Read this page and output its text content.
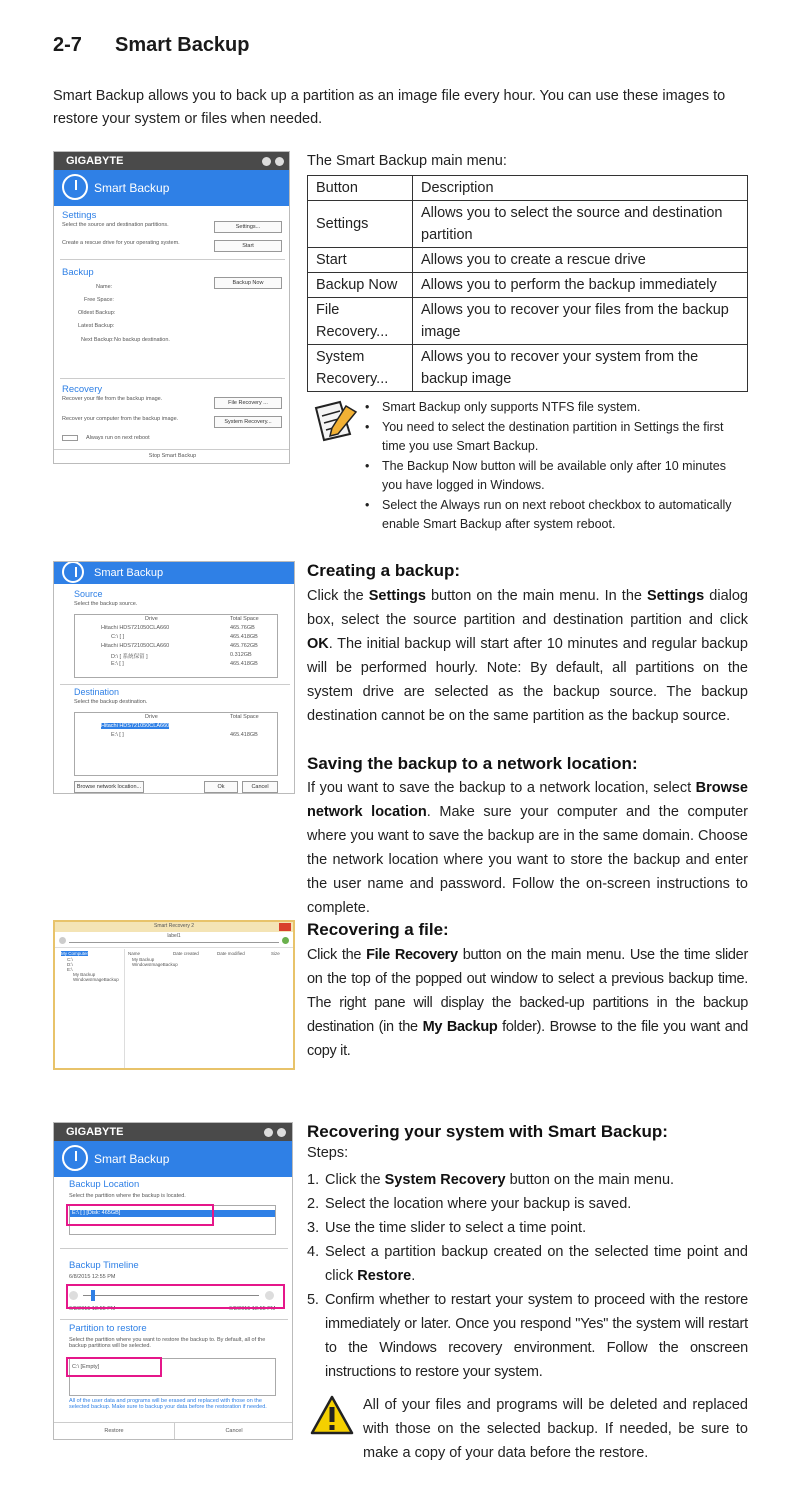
2-7 Smart Backup
Smart Backup allows you to back up a partition as an image file every hour. You can use these images to restore your system or files when needed.
GIGABYTE
Smart Backup
Settings
Select the source and destination partitions.	Settings...
Create a rescue drive for your operating system.	Start
Backup
Backup Now
Name:
Free Space:
Oldest Backup:
Latest Backup:
Next Backup: No backup destination.
Recovery
Recover your file from the backup image.
File Recovery ...
Recover your computer from the backup image.	System Recovery...
Always run on next reboot
Stop Smart Backup
The Smart Backup main menu:
Button	Description
Settings	Allows you to select the source and destination partition
Start	Allows you to create a rescue drive
Backup Now	Allows you to perform the backup immediately
File Recovery...	Allows you to recover your files from the backup image
System Recovery...	Allows you to recover your system from the backup image
• Smart Backup only supports NTFS file system.
• You need to select the destination partition in Settings the first time you use Smart Backup.
• The Backup Now button will be available only after 10 minutes you have logged in Windows.
• Select the Always run on next reboot checkbox to automatically enable Smart Backup after system reboot.
Smart Backup
Source
Select the backup source.
Drive	Total Space
Hitachi HDS721050CLA660	465.76GB
C:\ [ ]	465.418GB
Hitachi HDS721050CLA660	465.762GB
D:\ [ 系統保留 ]	0.312GB
E:\ [ ]	465.418GB
Destination
Select the backup destination.
Drive	Total Space
Hitachi HDS721050CLA660
E:\ [ ]	465.418GB
Browse network location...	Ok	Cancel
Creating a backup:
Click the Settings button on the main menu. In the Settings dialog box, select the source partition and destination partition and click OK. The initial backup will start after 10 minutes and regular backup will be performed hourly. Note: By default, all partitions on the system drive are selected as the backup source. The backup destination cannot be on the same partition as the backup source.
Saving the backup to a network location:
If you want to save the backup to a network location, select Browse network location. Make sure your computer and the computer where you want to save the backup are in the same domain. Choose the network location where you want to store the backup and enter the user name and password. Follow the on-screen instructions to complete.
Smart Recovery 2
label1
My Computer
C:\
D:\
E:\
My Backup
WindowsImageBackup
Name	Date created	Date modified	Size
My Backup
WindowsImageBackup
Recovering a file:
Click the File Recovery button on the main menu. Use the time slider on the top of the popped out window to select a previous backup time. The right pane will display the backed-up partitions in the backup destination (in the My Backup folder). Browse to the file you want and copy it.
GIGABYTE
Smart Backup
Backup Location
Select the partition where the backup is located.
E:\ [ ] [Disk: 465GB]
Backup Timeline
6/8/2015 12:55 PM
6/8/2015 12:55 PM	6/8/2015 12:55 PM
Partition to restore
Select the partition where you want to restore the backup to. By default, all of the backup partitions will be selected.
C:\ [Empty]
All of the user data and programs will be erased and replaced with those on the selected backup. Make sure to backup your data before the restoration if needed.
Restore	Cancel
Recovering your system with Smart Backup:
Steps:
1. Click the System Recovery button on the main menu.
2. Select the location where your backup is saved.
3. Use the time slider to select a time point.
4. Select a partition backup created on the selected time point and click Restore.
5. Confirm whether to restart your system to proceed with the restore immediately or later. Once you respond "Yes" the system will restart to the Windows recovery environment. Follow the onscreen instructions to restore your system.
All of your files and programs will be deleted and replaced with those on the selected backup. If needed, be sure to make a copy of your data before the restore.
